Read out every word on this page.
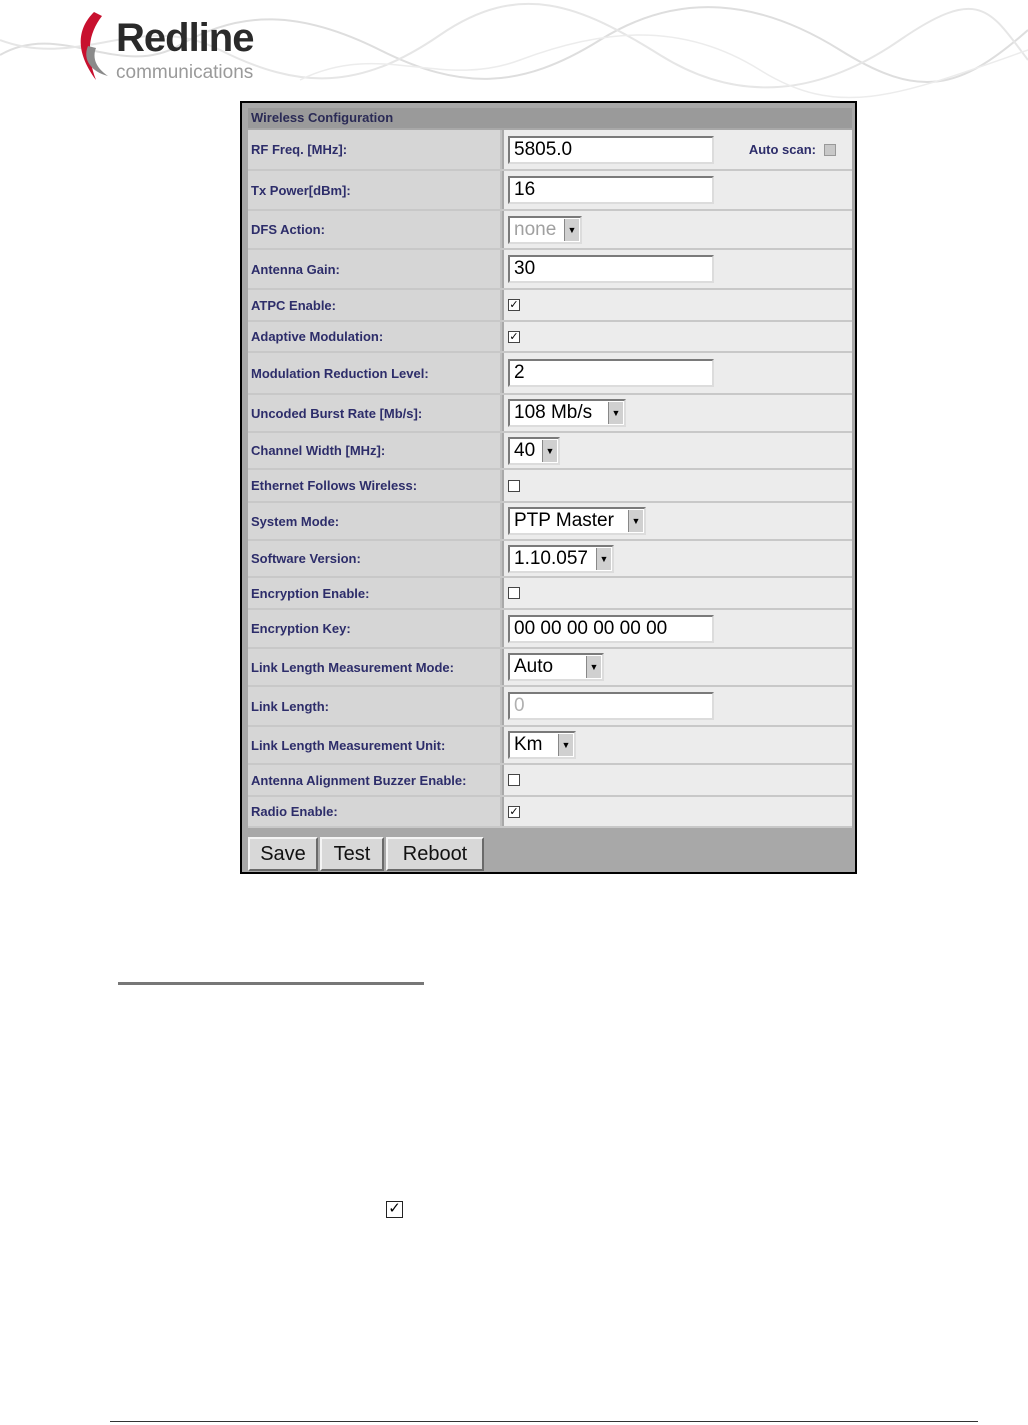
Redline
communications
Wireless Configuration
RF Freq. [MHz]:	5805.0	Auto scan:
Tx Power[dBm]:	16
DFS Action:	none	▼
Antenna Gain:	30
ATPC Enable:	✓
Adaptive Modulation:	✓
Modulation Reduction Level:	2
Uncoded Burst Rate [Mb/s]:	108 Mb/s	▼
Channel Width [MHz]:	40	▼
Ethernet Follows Wireless:
System Mode:	PTP Master	▼
Software Version:	1.10.057	▼
Encryption Enable:
Encryption Key:	00 00 00 00 00 00
Link Length Measurement Mode:	Auto	▼
Link Length:	0
Link Length Measurement Unit:	Km	▼
Antenna Alignment Buzzer Enable:
Radio Enable:	✓
Save	Test	Reboot
✓
